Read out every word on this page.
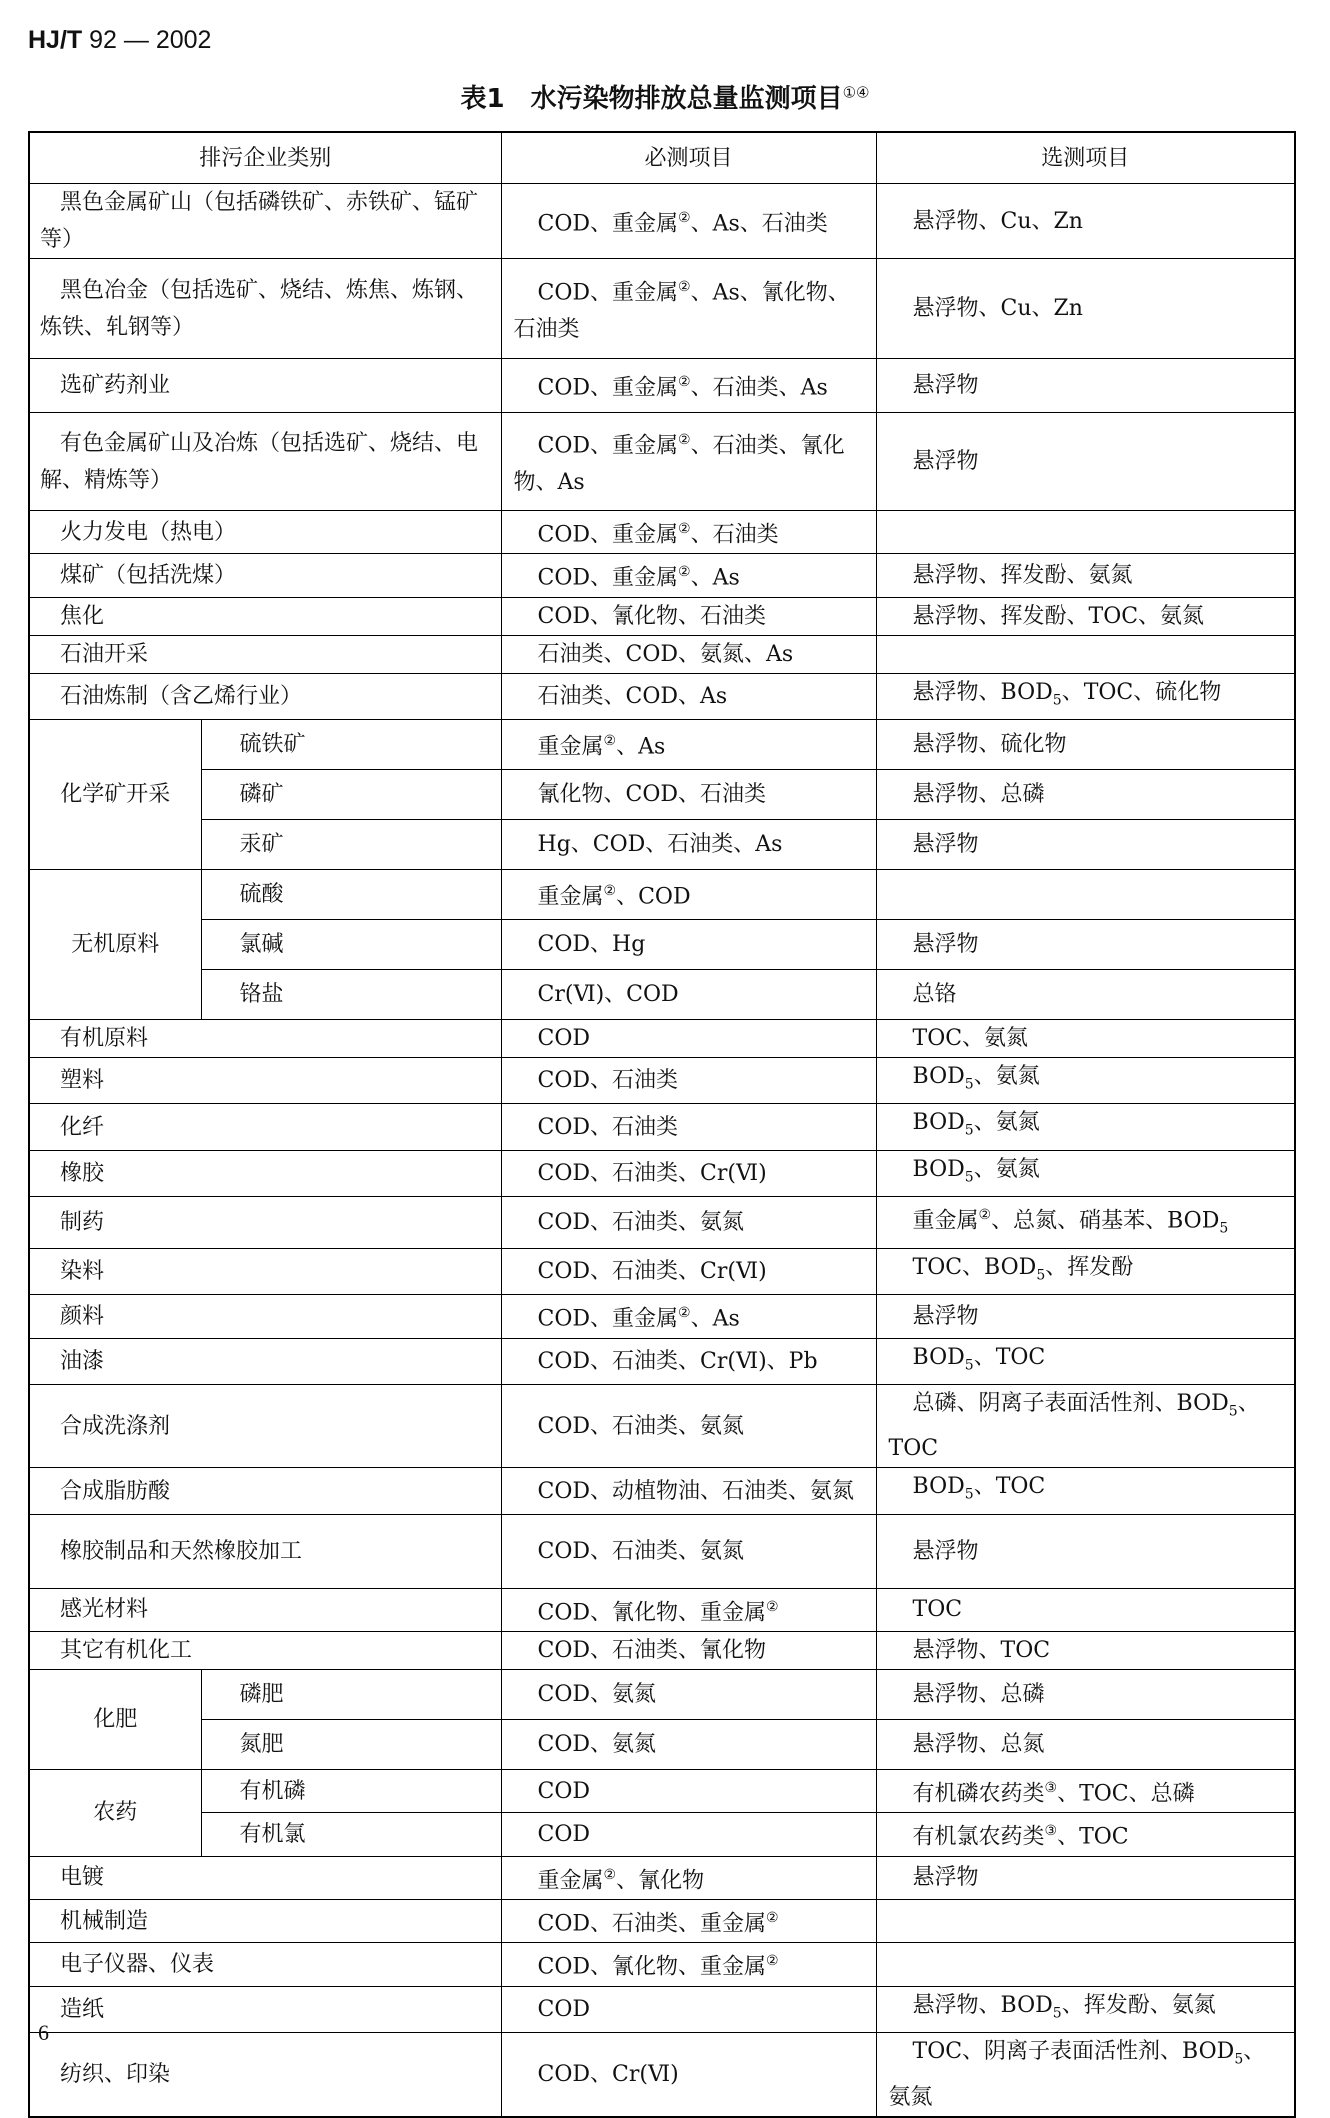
HJ/T 92 — 2002
表1　水污染物排放总量监测项目①④
排污企业类别		必测项目	选测项目
黑色金属矿山（包括磷铁矿、赤铁矿、锰矿等）		COD、重金属②、As、石油类	悬浮物、Cu、Zn
黑色冶金（包括选矿、烧结、炼焦、炼钢、炼铁、轧钢等）		COD、重金属②、As、氰化物、石油类	悬浮物、Cu、Zn
选矿药剂业		COD、重金属②、石油类、As	悬浮物
有色金属矿山及冶炼（包括选矿、烧结、电解、精炼等）		COD、重金属②、石油类、氰化物、As	悬浮物
火力发电（热电）		COD、重金属②、石油类	
煤矿（包括洗煤）		COD、重金属②、As	悬浮物、挥发酚、氨氮
焦化		COD、氰化物、石油类	悬浮物、挥发酚、TOC、氨氮
石油开采		石油类、COD、氨氮、As	
石油炼制（含乙烯行业）		石油类、COD、As	悬浮物、$BOD_5$、TOC、硫化物
化学矿开采	硫铁矿	重金属②、As	悬浮物、硫化物
	磷矿	氰化物、COD、石油类	悬浮物、总磷
	汞矿	Hg、COD、石油类、As	悬浮物
无机原料	硫酸	重金属②、COD	
	氯碱	COD、Hg	悬浮物
	铬盐	Cr(Ⅵ)、COD	总铬
有机原料		COD	TOC、氨氮
塑料		COD、石油类	$BOD_5$、氨氮
化纤		COD、石油类	$BOD_5$、氨氮
橡胶		COD、石油类、Cr(Ⅵ)	$BOD_5$、氨氮
制药		COD、石油类、氨氮	重金属②、总氮、硝基苯、$BOD_5$
染料		COD、石油类、Cr(Ⅵ)	TOC、$BOD_5$、挥发酚
颜料		COD、重金属②、As	悬浮物
油漆		COD、石油类、Cr(Ⅵ)、Pb	$BOD_5$、TOC
合成洗涤剂		COD、石油类、氨氮	总磷、阴离子表面活性剂、$BOD_5$、TOC
合成脂肪酸		COD、动植物油、石油类、氨氮	$BOD_5$、TOC
橡胶制品和天然橡胶加工		COD、石油类、氨氮	悬浮物
感光材料		COD、氰化物、重金属②	TOC
其它有机化工		COD、石油类、氰化物	悬浮物、TOC
化肥	磷肥	COD、氨氮	悬浮物、总磷
	氮肥	COD、氨氮	悬浮物、总氮
农药	有机磷	COD	有机磷农药类③、TOC、总磷
	有机氯	COD	有机氯农药类③、TOC
电镀		重金属②、氰化物	悬浮物
机械制造		COD、石油类、重金属②	
电子仪器、仪表		COD、氰化物、重金属②	
造纸		COD	悬浮物、$BOD_5$、挥发酚、氨氮
纺织、印染		COD、Cr(Ⅵ)	TOC、阴离子表面活性剂、$BOD_5$、氨氮
6
